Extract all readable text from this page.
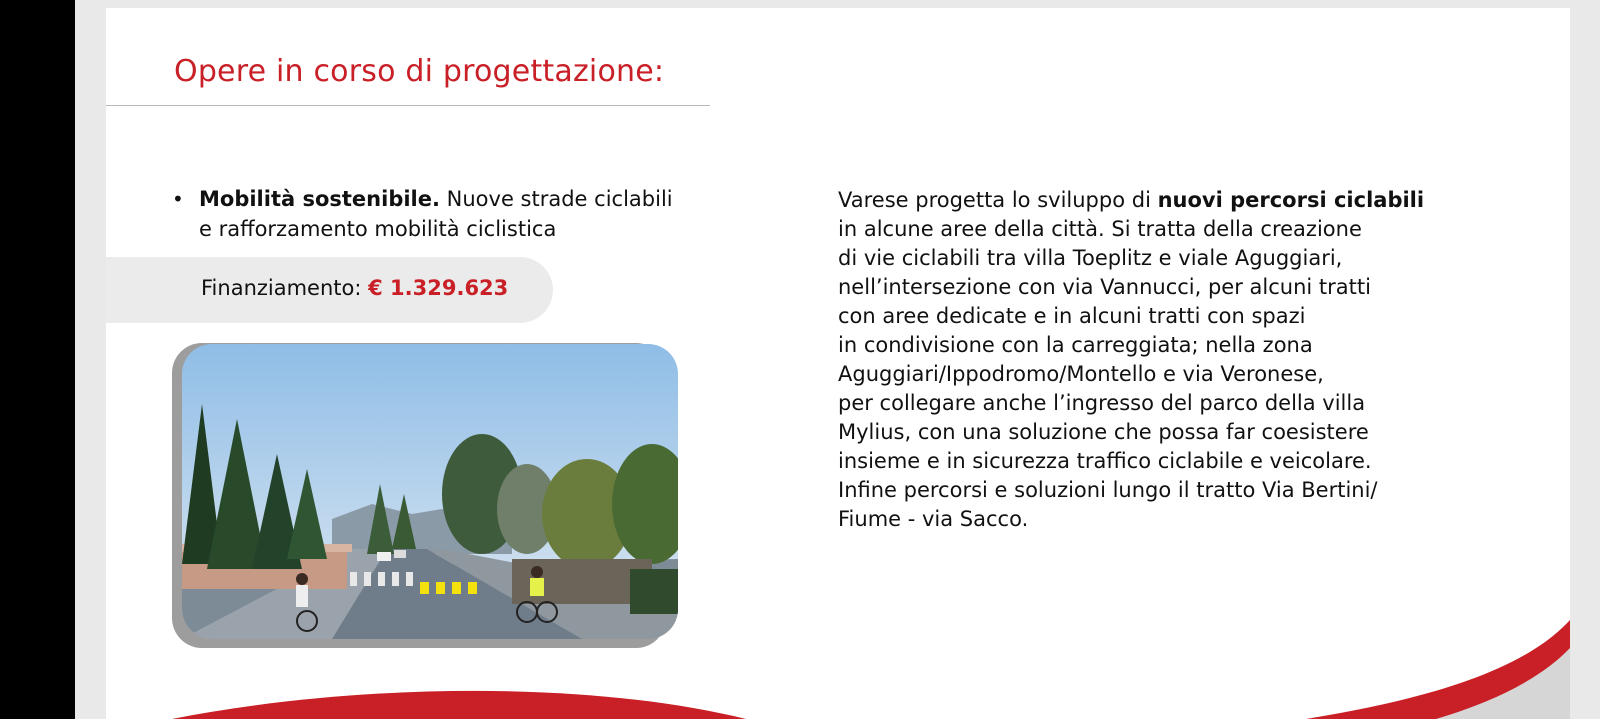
Opere in corso di progettazione:
• Mobilità sostenibile. Nuove strade ciclabili
e rafforzamento mobilità ciclistica
Finanziamento: € 1.329.623
Varese progetta lo sviluppo di nuovi percorsi ciclabili
in alcune aree della città. Si tratta della creazione
di vie ciclabili tra villa Toeplitz e viale Aguggiari,
nell’intersezione con via Vannucci, per alcuni tratti
con aree dedicate e in alcuni tratti con spazi
in condivisione con la carreggiata; nella zona
Aguggiari/Ippodromo/Montello e via Veronese,
per collegare anche l’ingresso del parco della villa
Mylius, con una soluzione che possa far coesistere
insieme e in sicurezza traffico ciclabile e veicolare.
Infine percorsi e soluzioni lungo il tratto Via Bertini/
Fiume - via Sacco.
